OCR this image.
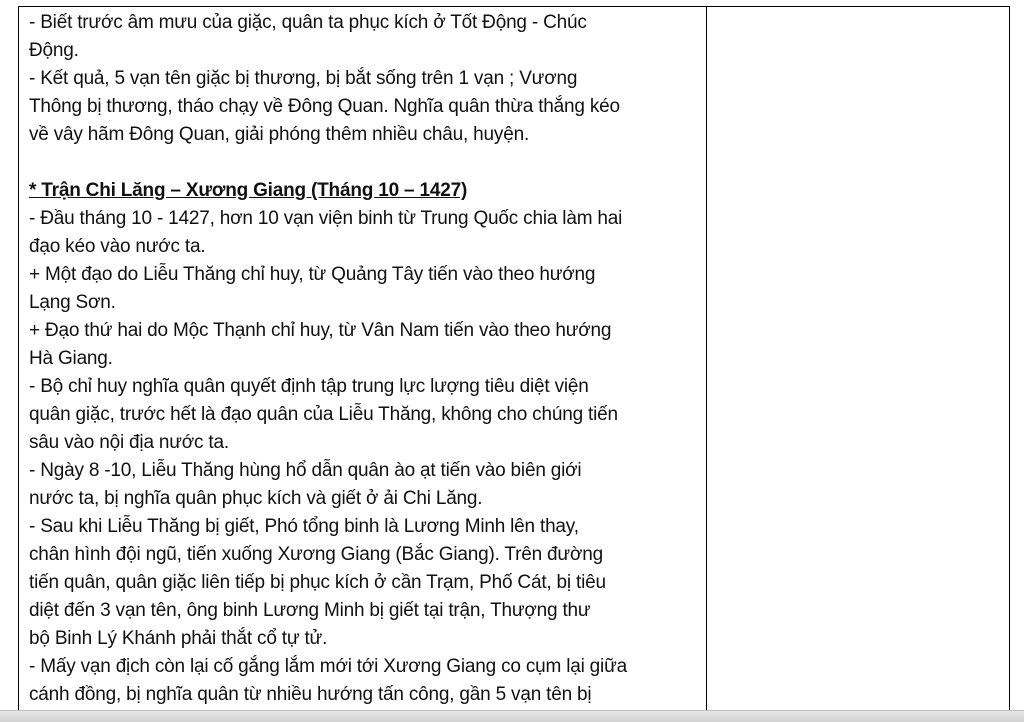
- Biết trước âm mưu của giặc, quân ta phục kích ở Tốt Động - Chúc
Động.
- Kết quả, 5 vạn tên giặc bị thương, bị bắt sống trên 1 vạn ; Vương
Thông bị thương, tháo chạy về Đông Quan. Nghĩa quân thừa thắng kéo
về vây hãm Đông Quan, giải phóng thêm nhiều châu, huyện.
* Trận Chi Lăng – Xương Giang (Tháng 10 – 1427)
- Đầu tháng 10 - 1427, hơn 10 vạn viện binh từ Trung Quốc chia làm hai
đạo kéo vào nước ta.
+ Một đạo do Liễu Thăng chỉ huy, từ Quảng Tây tiến vào theo hướng
Lạng Sơn.
+ Đạo thứ hai do Mộc Thạnh chỉ huy, từ Vân Nam tiến vào theo hướng
Hà Giang.
- Bộ chỉ huy nghĩa quân quyết định tập trung lực lượng tiêu diệt viện
quân giặc, trước hết là đạo quân của Liễu Thăng, không cho chúng tiến
sâu vào nội địa nước ta.
- Ngày 8 -10, Liễu Thăng hùng hổ dẫn quân ào ạt tiến vào biên giới
nước ta, bị nghĩa quân phục kích và giết ở ải Chi Lăng.
- Sau khi Liễu Thăng bị giết, Phó tổng binh là Lương Minh lên thay,
chân hình đội ngũ, tiến xuống Xương Giang (Bắc Giang). Trên đường
tiến quân, quân giặc liên tiếp bị phục kích ở cần Trạm, Phố Cát, bị tiêu
diệt đến 3 vạn tên, ông binh Lương Minh bị giết tại trận, Thượng thư
bộ Binh Lý Khánh phải thắt cổ tự tử.
- Mấy vạn địch còn lại cố gắng lắm mới tới Xương Giang co cụm lại giữa
cánh đồng, bị nghĩa quân từ nhiều hướng tấn công, gần 5 vạn tên bị
